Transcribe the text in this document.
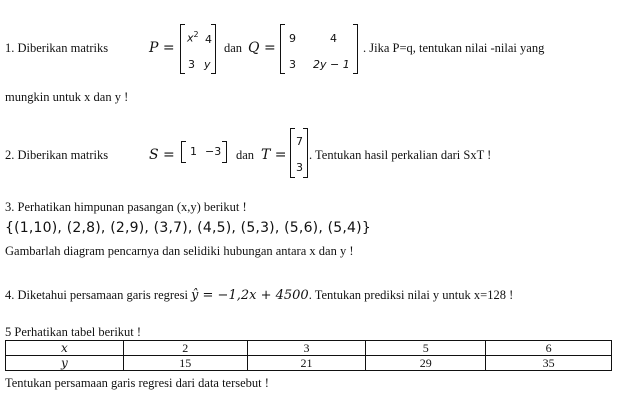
1. Diberikan matriks	P =
$x^2$ 4
3 y
dan Q =
9	4
3 2y − 1
. Jika P=q, tentukan nilai -nilai yang
mungkin untuk x dan y !
2. Diberikan matriks	S = 1 −3 dan T =
7
3
. Tentukan hasil perkalian dari SxT !
3. Perhatikan himpunan pasangan (x,y) berikut !
{(1,10), (2,8), (2,9), (3,7), (4,5), (5,3), (5,6), (5,4)}
Gambarlah diagram pencarnya dan selidiki hubungan antara x dan y !
4. Diketahui persamaan garis regresi ŷ = −1,2x + 4500. Tentukan prediksi nilai y untuk x=128 !
5 Perhatikan tabel berikut !
x	2	3	5	6
y	15	21	29	35
Tentukan persamaan garis regresi dari data tersebut !
